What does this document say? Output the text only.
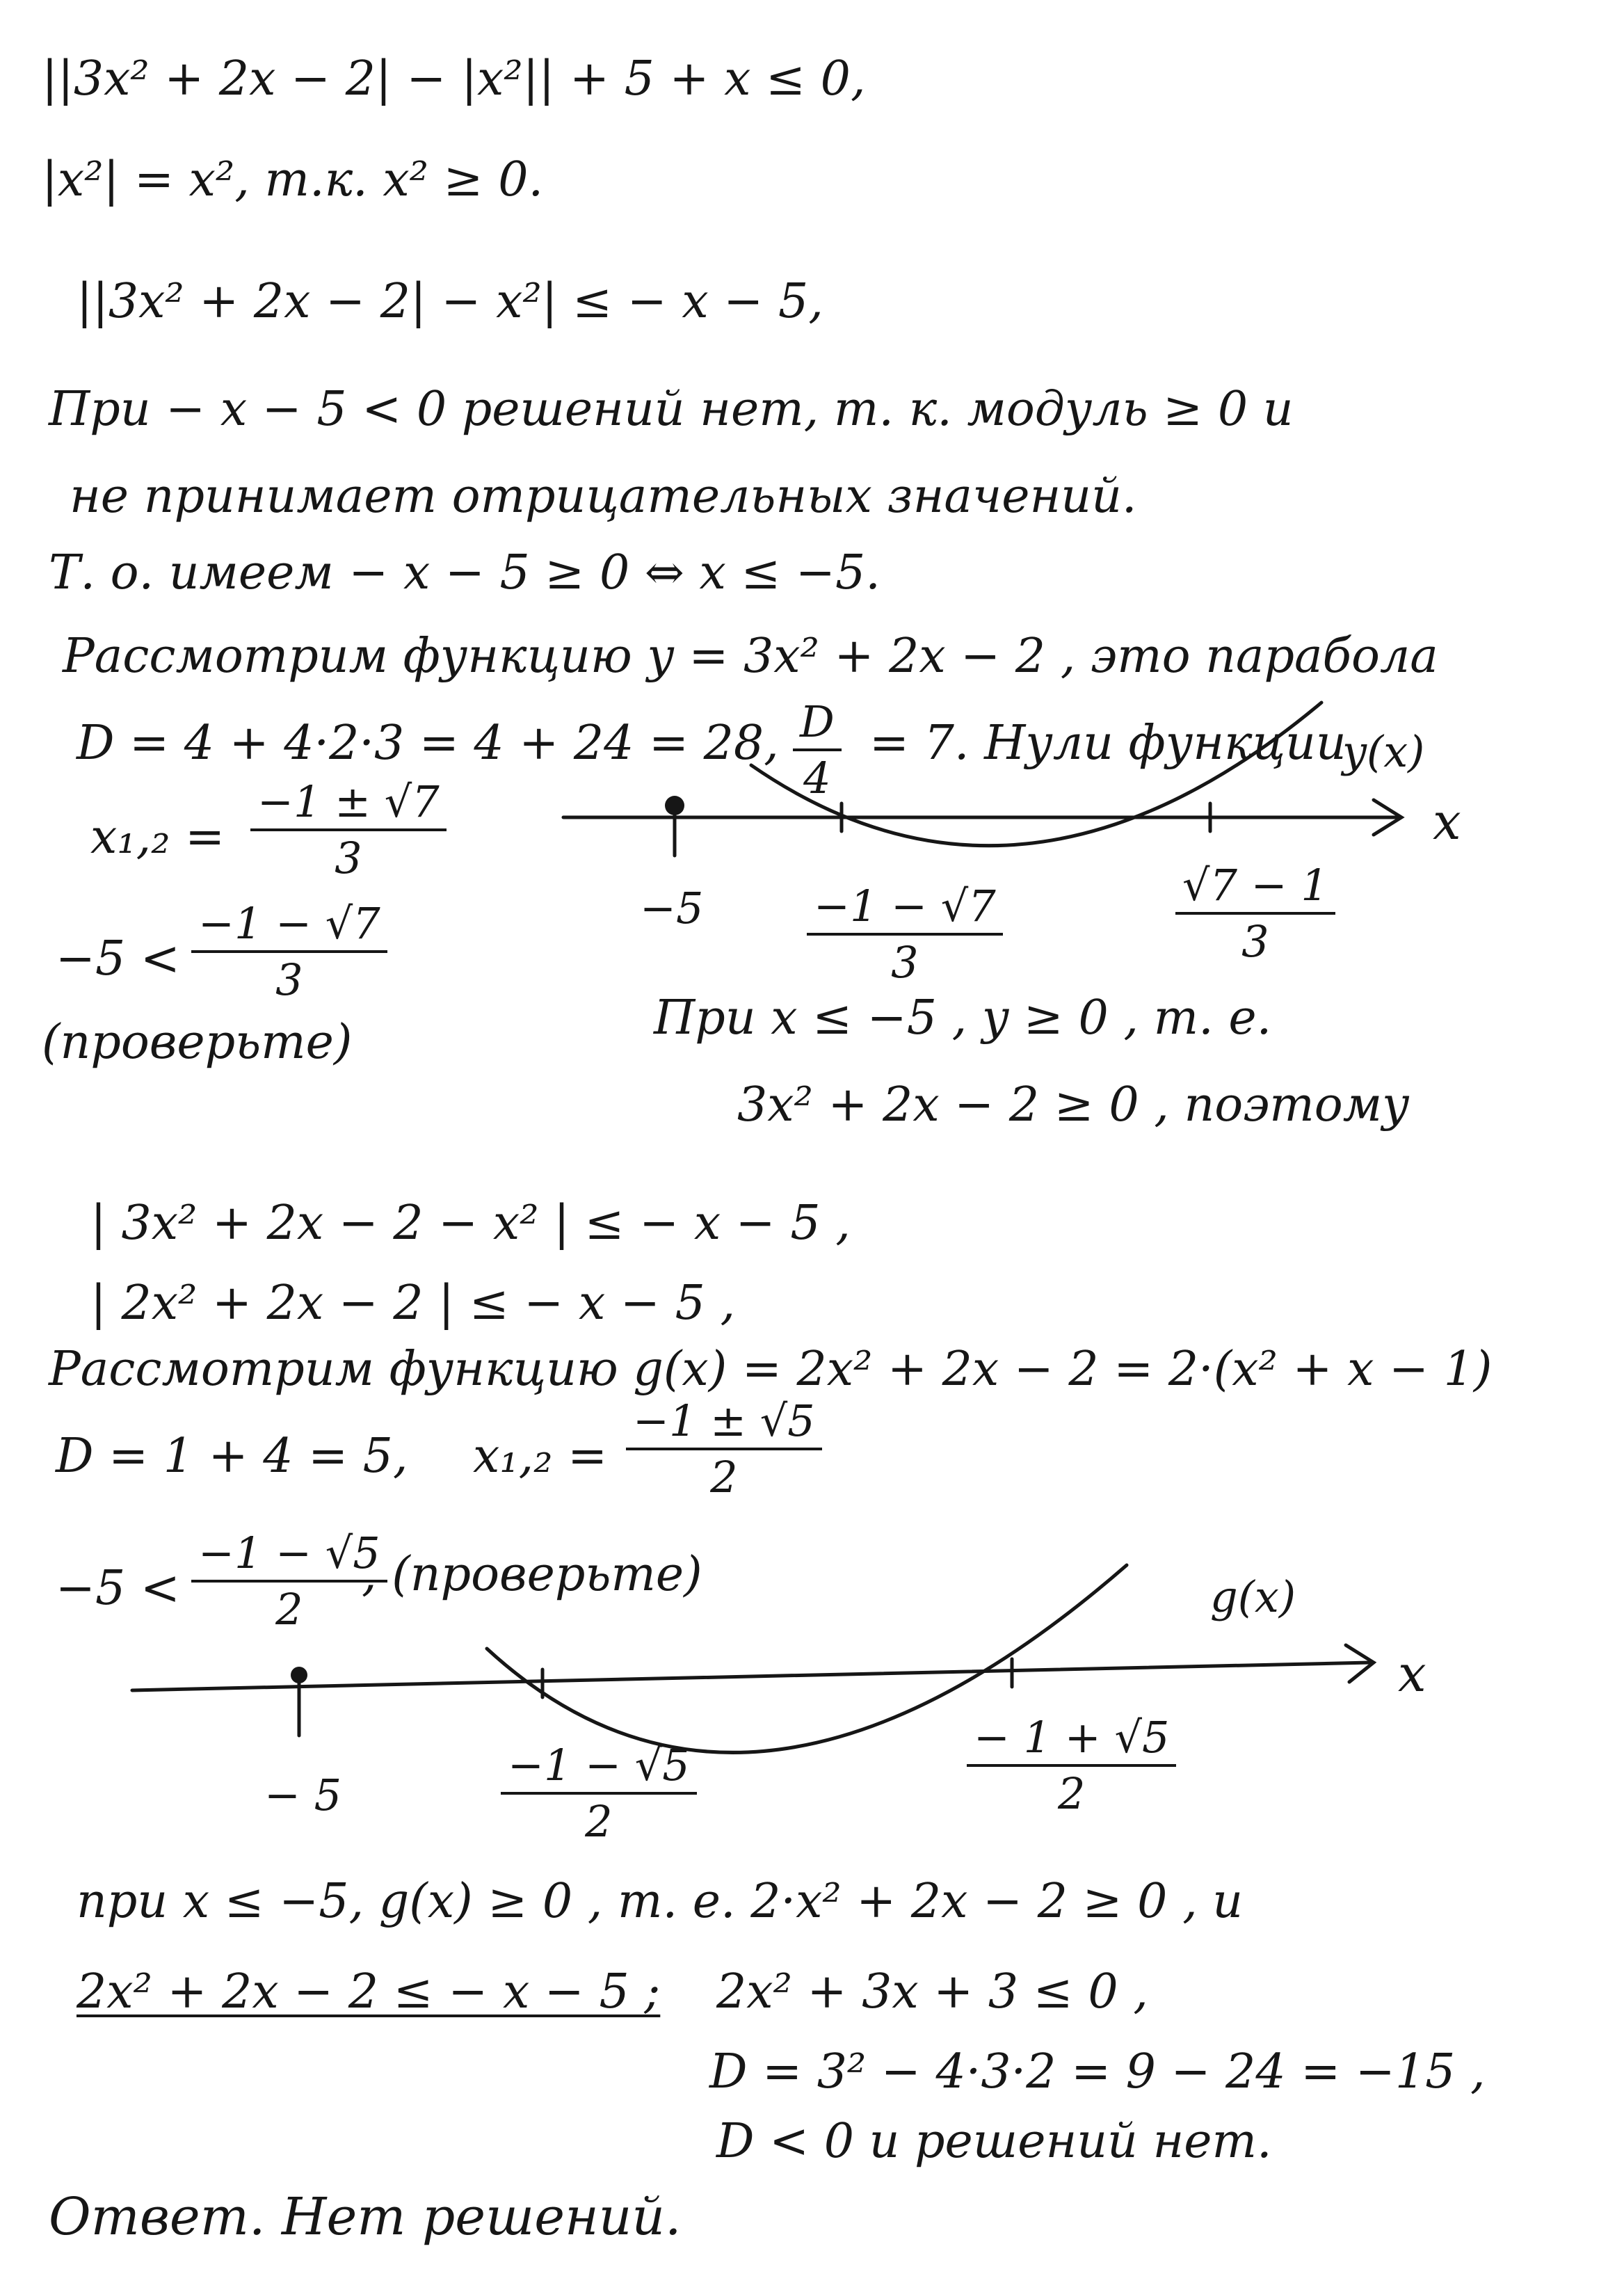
||3x² + 2x − 2| − |x²|| + 5 + x ≤ 0,
|x²| = x², т.к. x² ≥ 0.
||3x² + 2x − 2| − x²| ≤ − x − 5,
При − x − 5 < 0 решений нет, т. к. модуль ≥ 0 и
не принимает отрицательных значений.
Т. о. имеем − x − 5 ≥ 0 ⇔ x ≤ −5.
Рассмотрим функцию y = 3x² + 2x − 2 , это парабола
D = 4 + 4·2·3 = 4 + 24 = 28, $\frac{D}{4} = 7$. Нули функции
$x_1,_2 = \frac{-1 \pm √7}{3}$
$-5 < \frac{-1 - √7}{3}$
(проверьте)
x
y(x)
$-5 \frac{-1 - √7}{3}$	$\frac{√7 - 1}{3}$
При x ≤ −5 , y ≥ 0 , т. е.
3x² + 2x − 2 ≥ 0 , поэтому
| 3x² + 2x − 2 − x² | ≤ − x − 5 ,
| 2x² + 2x − 2 | ≤ − x − 5 ,
Рассмотрим функцию g(x) = 2x² + 2x − 2 = 2·(x² + x − 1)
D = 1 + 4 = 5, $x_1,_2 = \frac{-1 \pm √5}{2}$
$-5 < \frac{-1 - √5}{2}$
, (проверьте)
x
g(x)
− 5	$\frac{-1 - √5}{2}$	$\frac{- 1 + √5}{2}$
при x ≤ −5, g(x) ≥ 0 , т. е. 2·x² + 2x − 2 ≥ 0 , и
2x² + 2x − 2 ≤ − x − 5 ; 2x² + 3x + 3 ≤ 0 ,
D = 3² − 4·3·2 = 9 − 24 = −15 ,
D < 0 и решений нет.
Ответ. Нет решений.
